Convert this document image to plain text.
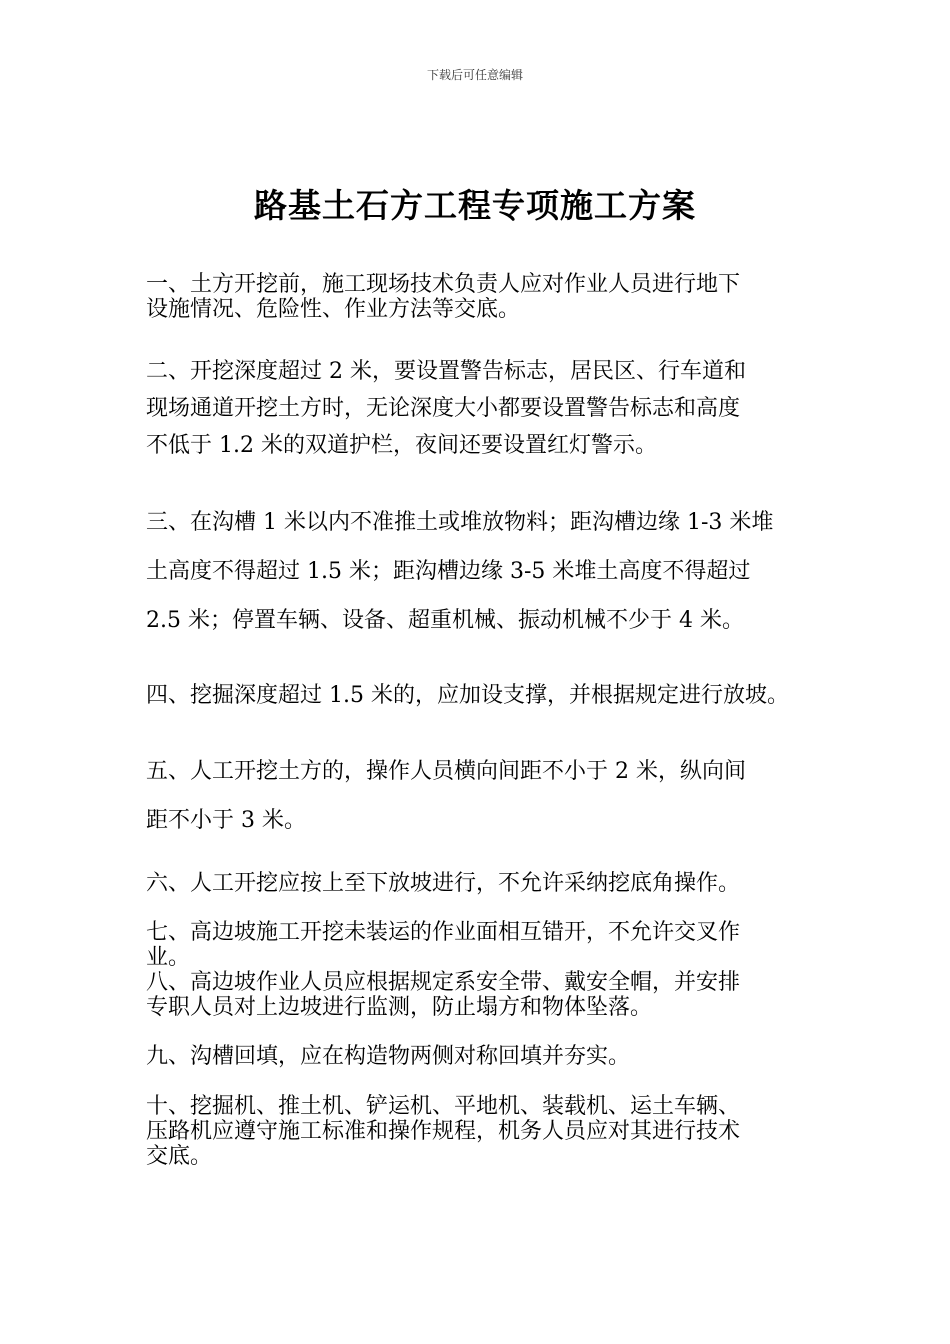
下载后可任意编辑
路基土石方工程专项施工方案
一、土方开挖前，施工现场技术负责人应对作业人员进行地下
设施情况、危险性、作业方法等交底。
二、开挖深度超过 2 米，要设置警告标志，居民区、行车道和
现场通道开挖土方时，无论深度大小都要设置警告标志和高度
不低于 1.2 米的双道护栏，夜间还要设置红灯警示。
三、在沟槽 1 米以内不准推土或堆放物料；距沟槽边缘 1-3 米堆
土高度不得超过 1.5 米；距沟槽边缘 3-5 米堆土高度不得超过
2.5 米；停置车辆、设备、超重机械、振动机械不少于 4 米。
四、挖掘深度超过 1.5 米的，应加设支撑，并根据规定进行放坡。
五、人工开挖土方的，操作人员横向间距不小于 2 米，纵向间
距不小于 3 米。
六、人工开挖应按上至下放坡进行，不允许采纳挖底角操作。
七、高边坡施工开挖未装运的作业面相互错开，不允许交叉作
业。
八、高边坡作业人员应根据规定系安全带、戴安全帽，并安排
专职人员对上边坡进行监测，防止塌方和物体坠落。
九、沟槽回填，应在构造物两侧对称回填并夯实。
十、挖掘机、推土机、铲运机、平地机、装载机、运土车辆、
压路机应遵守施工标准和操作规程，机务人员应对其进行技术
交底。
